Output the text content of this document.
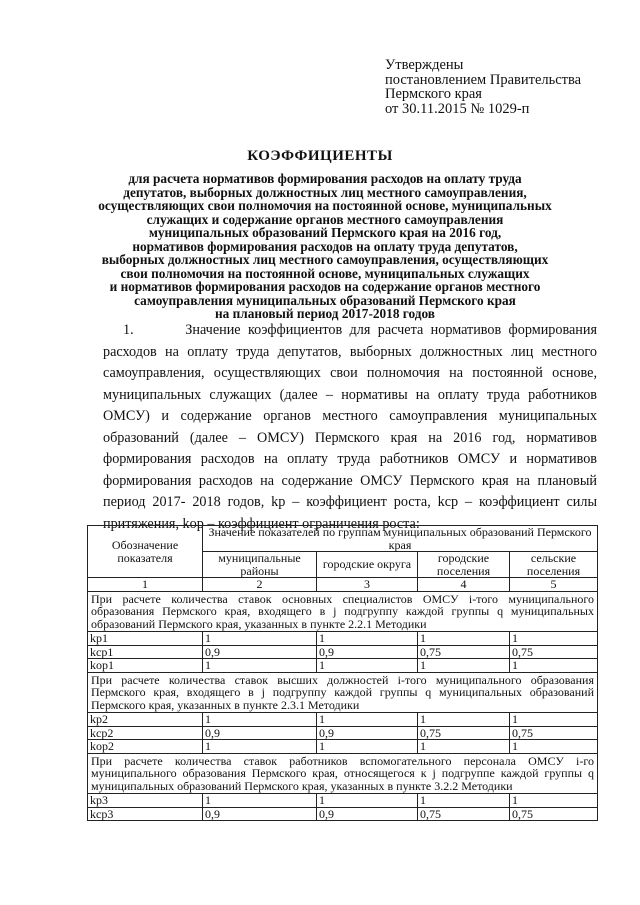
Утверждены
постановлением Правительства
Пермского края
от 30.11.2015 № 1029-п
КОЭФФИЦИЕНТЫ
для расчета нормативов формирования расходов на оплату труда
депутатов, выборных должностных лиц местного самоуправления,
осуществляющих свои полномочия на постоянной основе, муниципальных
служащих и содержание органов местного самоуправления
муниципальных образований Пермского края на 2016 год,
нормативов формирования расходов на оплату труда депутатов,
выборных должностных лиц местного самоуправления, осуществляющих
свои полномочия на постоянной основе, муниципальных служащих
и нормативов формирования расходов на содержание органов местного
самоуправления муниципальных образований Пермского края
на плановый период 2017-2018 годов
1.	Значение коэффициентов для расчета нормативов формирования расходов на оплату труда депутатов, выборных должностных лиц местного самоуправления, осуществляющих свои полномочия на постоянной основе, муниципальных служащих (далее – нормативы на оплату труда работников ОМСУ) и содержание органов местного самоуправления муниципальных образований (далее – ОМСУ) Пермского края на 2016 год, нормативов формирования расходов на оплату труда работников ОМСУ и нормативов формирования расходов на содержание ОМСУ Пермского края на плановый период 2017- 2018 годов, kр – коэффициент роста, kср – коэффициент силы притяжения, kор – коэффициент ограничения роста:
Обозначение показателя	Значение показателей по группам муниципальных образований Пермского края			
	муниципальные районы	городские округа	городские поселения	сельские поселения
1	2	3	4	5
При расчете количества ставок основных специалистов ОМСУ i-того муниципального образования Пермского края, входящего в j подгруппу каждой группы q муниципальных образований Пермского края, указанных в пункте 2.2.1 Методики				
kр1	1	1	1	1
kср1	0,9	0,9	0,75	0,75
kор1	1	1	1	1
При расчете количества ставок высших должностей i-того муниципального образования Пермского края, входящего в j подгруппу каждой группы q муниципальных образований Пермского края, указанных в пункте 2.3.1 Методики				
kр2	1	1	1	1
kср2	0,9	0,9	0,75	0,75
kор2	1	1	1	1
При расчете количества ставок работников вспомогательного персонала ОМСУ i-го муниципального образования Пермского края, относящегося к j подгруппе каждой группы q муниципальных образований Пермского края, указанных в пункте 3.2.2 Методики				
kр3	1	1	1	1
kср3	0,9	0,9	0,75	0,75
